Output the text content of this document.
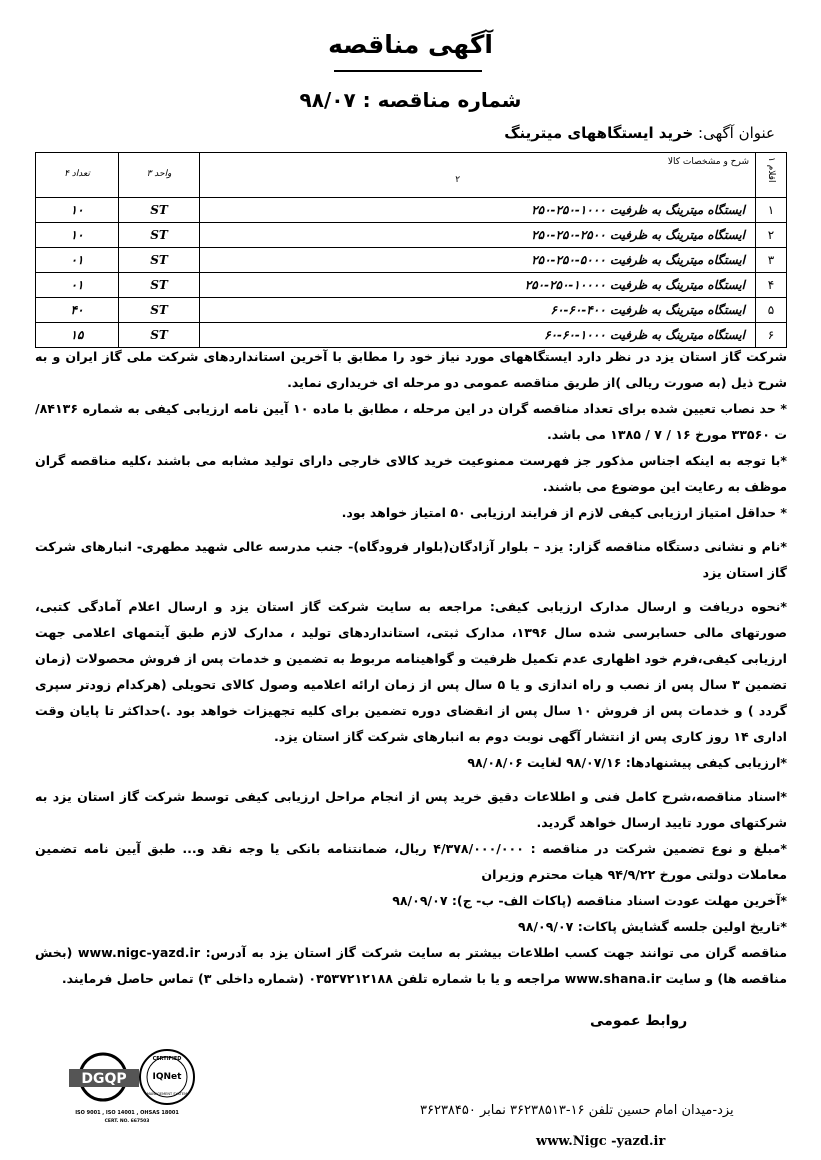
آگهی مناقصه
شماره مناقصه : ۹۸/۰۷
عنوان آگهی: خرید ایستگاههای میترینگ
اقلام ۱	شرح و مشخصات کالا
۲	واحد ۳	تعداد ۴

۱	ایستگاه میترینگ به ظرفیت ۱۰۰۰-۲۵۰-۲۵۰	ST	۱۰
۲	ایستگاه میترینگ به ظرفیت ۲۵۰۰-۲۵۰-۲۵۰	ST	۱۰
۳	ایستگاه میترینگ به ظرفیت ۵۰۰۰-۲۵۰-۲۵۰	ST	۰۱
۴	ایستگاه میترینگ به ظرفیت ۱۰۰۰۰-۲۵۰-۲۵۰	ST	۰۱
۵	ایستگاه میترینگ به ظرفیت ۴۰۰-۶۰-۶۰	ST	۴۰
۶	ایستگاه میترینگ به ظرفیت ۱۰۰۰-۶۰-۶۰	ST	۱۵

شرکت گاز استان یزد در نظر دارد ایستگاههای مورد نیاز خود را مطابق با آخرین استانداردهای شرکت ملی گاز ایران و به شرح ذیل (به صورت ریالی )از طریق مناقصه عمومی دو مرحله ای خریداری نماید.

* حد نصاب تعیین شده برای تعداد مناقصه گران در این مرحله ، مطابق با ماده ۱۰ آیین نامه ارزیابی کیفی به شماره ۸۴۱۳۶/ت ۳۳۵۶۰ مورخ ۱۶ / ۷ / ۱۳۸۵ می باشد.

*با توجه به اینکه اجناس مذکور جز فهرست ممنوعیت خرید کالای خارجی دارای تولید مشابه می باشند ،کلیه مناقصه گران موظف به رعایت این موضوع می باشند.

* حداقل امتیاز ارزیابی کیفی لازم از فرایند ارزیابی ۵۰ امتیاز خواهد بود.

*نام و نشانی دستگاه مناقصه گزار: یزد – بلوار آزادگان(بلوار فرودگاه)- جنب مدرسه عالی شهید مطهری- انبارهای شرکت گاز استان یزد

*نحوه دریافت و ارسال مدارک ارزیابی کیفی: مراجعه به سایت شرکت گاز استان یزد و ارسال اعلام آمادگی کتبی، صورتهای مالی حسابرسی شده سال ۱۳۹۶، مدارک ثبتی، استانداردهای تولید ، مدارک لازم طبق آیتمهای اعلامی جهت ارزیابی کیفی،فرم خود اظهاری عدم تکمیل ظرفیت و گواهینامه مربوط به تضمین و خدمات پس از فروش محصولات (زمان تضمین ۳ سال پس از نصب و راه اندازی و یا ۵ سال پس از زمان ارائه اعلامیه وصول کالای تحویلی (هرکدام زودتر سپری گردد ) و خدمات پس از فروش ۱۰ سال پس از انقضای دوره تضمین برای کلیه تجهیزات خواهد بود .)حداکثر تا پایان وقت اداری ۱۴ روز کاری پس از انتشار آگهی نوبت دوم به انبارهای شرکت گاز استان یزد.

*ارزیابی کیفی پیشنهادها: ۹۸/۰۷/۱۶ لغایت ۹۸/۰۸/۰۶

*اسناد مناقصه،شرح کامل فنی و اطلاعات دقیق خرید پس از انجام مراحل ارزیابی کیفی توسط شرکت گاز استان یزد به شرکتهای مورد تایید ارسال خواهد گردید.

*مبلغ و نوع تضمین شرکت در مناقصه : ۴/۳۷۸/۰۰۰/۰۰۰ ریال، ضمانتنامه بانکی یا وجه نقد و... طبق آیین نامه تضمین معاملات دولتی مورخ ۹۴/۹/۲۲ هیات محترم وزیران

*آخرین مهلت عودت اسناد مناقصه (پاکات الف- ب- ج): ۹۸/۰۹/۰۷

*تاریخ اولین جلسه گشایش پاکات: ۹۸/۰۹/۰۷

مناقصه گران می توانند جهت کسب اطلاعات بیشتر به سایت شرکت گاز استان یزد به آدرس: www.nigc-yazd.ir (بخش مناقصه ها) و سایت www.shana.ir مراجعه و یا با شماره تلفن ۰۳۵۳۷۲۱۲۱۸۸ (شماره داخلی ۳) تماس حاصل فرمایند.

روابط عمومی
DGQP
CERTIFIED
IQNet
MANAGEMENT SYSTEM
ISO 9001 , ISO 14001 , OHSAS 18001
CERT. NO. 667503
یزد-میدان امام حسین تلفن ۱۶-۳۶۲۳۸۵۱۳ نمابر ۳۶۲۳۸۴۵۰
www.Nigc -yazd.ir
